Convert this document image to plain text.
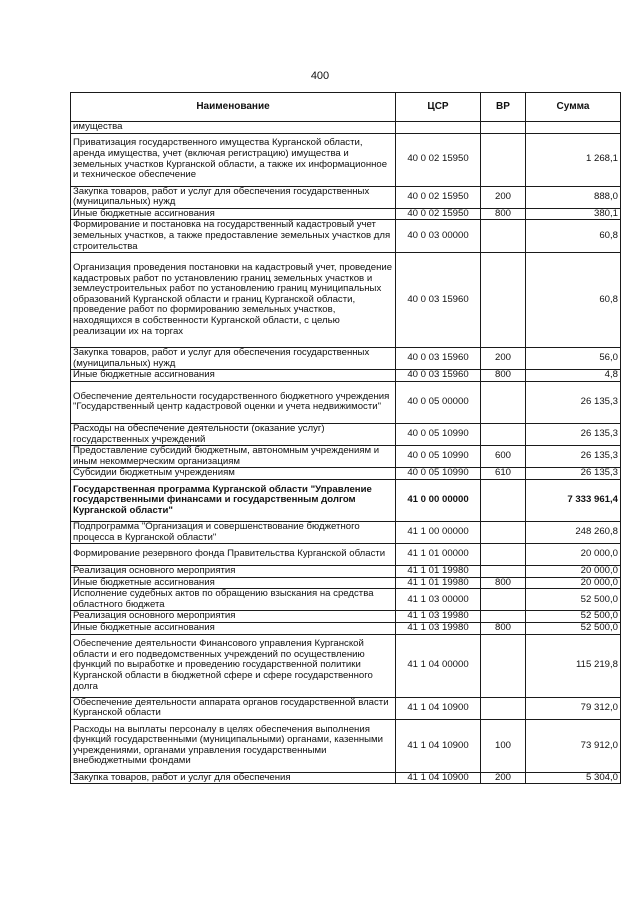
400
Наименование	ЦСР	ВР	Сумма
имущества			
Приватизация государственного имущества Курганской области, аренда имущества, учет (включая регистрацию) имущества и земельных участков Курганской области, а также их информационное и техническое обеспечение	40 0 02 15950		1 268,1
Закупка товаров, работ и услуг для обеспечения государственных (муниципальных) нужд	40 0 02 15950	200	888,0
Иные бюджетные ассигнования	40 0 02 15950	800	380,1
Формирование и постановка на государственный кадастровый учет земельных участков, а также предоставление земельных участков для строительства	40 0 03 00000		60,8
Организация проведения постановки на кадастровый учет, проведение кадастровых работ по установлению границ земельных участков и землеустроительных работ по установлению границ муниципальных образований Курганской области и границ Курганской области, проведение работ по формированию земельных участков, находящихся в собственности Курганской области, с целью реализации их на торгах	40 0 03 15960		60,8
Закупка товаров, работ и услуг для обеспечения государственных (муниципальных) нужд	40 0 03 15960	200	56,0
Иные бюджетные ассигнования	40 0 03 15960	800	4,8
Обеспечение деятельности государственного бюджетного учреждения "Государственный центр кадастровой оценки и учета недвижимости"	40 0 05 00000		26 135,3
Расходы на обеспечение деятельности (оказание услуг) государственных учреждений	40 0 05 10990		26 135,3
Предоставление субсидий бюджетным, автономным учреждениям и иным некоммерческим организациям	40 0 05 10990	600	26 135,3
Субсидии бюджетным учреждениям	40 0 05 10990	610	26 135,3
Государственная программа Курганской области "Управление государственными финансами и государственным долгом Курганской области"	41 0 00 00000		7 333 961,4
Подпрограмма "Организация и совершенствование бюджетного процесса в Курганской области"	41 1 00 00000		248 260,8
Формирование резервного фонда Правительства Курганской области	41 1 01 00000		20 000,0
Реализация основного мероприятия	41 1 01 19980		20 000,0
Иные бюджетные ассигнования	41 1 01 19980	800	20 000,0
Исполнение судебных актов по обращению взыскания на средства областного бюджета	41 1 03 00000		52 500,0
Реализация основного мероприятия	41 1 03 19980		52 500,0
Иные бюджетные ассигнования	41 1 03 19980	800	52 500,0
Обеспечение деятельности Финансового управления Курганской области и его подведомственных учреждений по осуществлению функций по выработке и проведению государственной политики Курганской области в бюджетной сфере и сфере государственного долга	41 1 04 00000		115 219,8
Обеспечение деятельности аппарата органов государственной власти Курганской области	41 1 04 10900		79 312,0
Расходы на выплаты персоналу в целях обеспечения выполнения функций государственными (муниципальными) органами, казенными учреждениями, органами управления государственными внебюджетными фондами	41 1 04 10900	100	73 912,0
Закупка товаров, работ и услуг для обеспечения	41 1 04 10900	200	5 304,0
